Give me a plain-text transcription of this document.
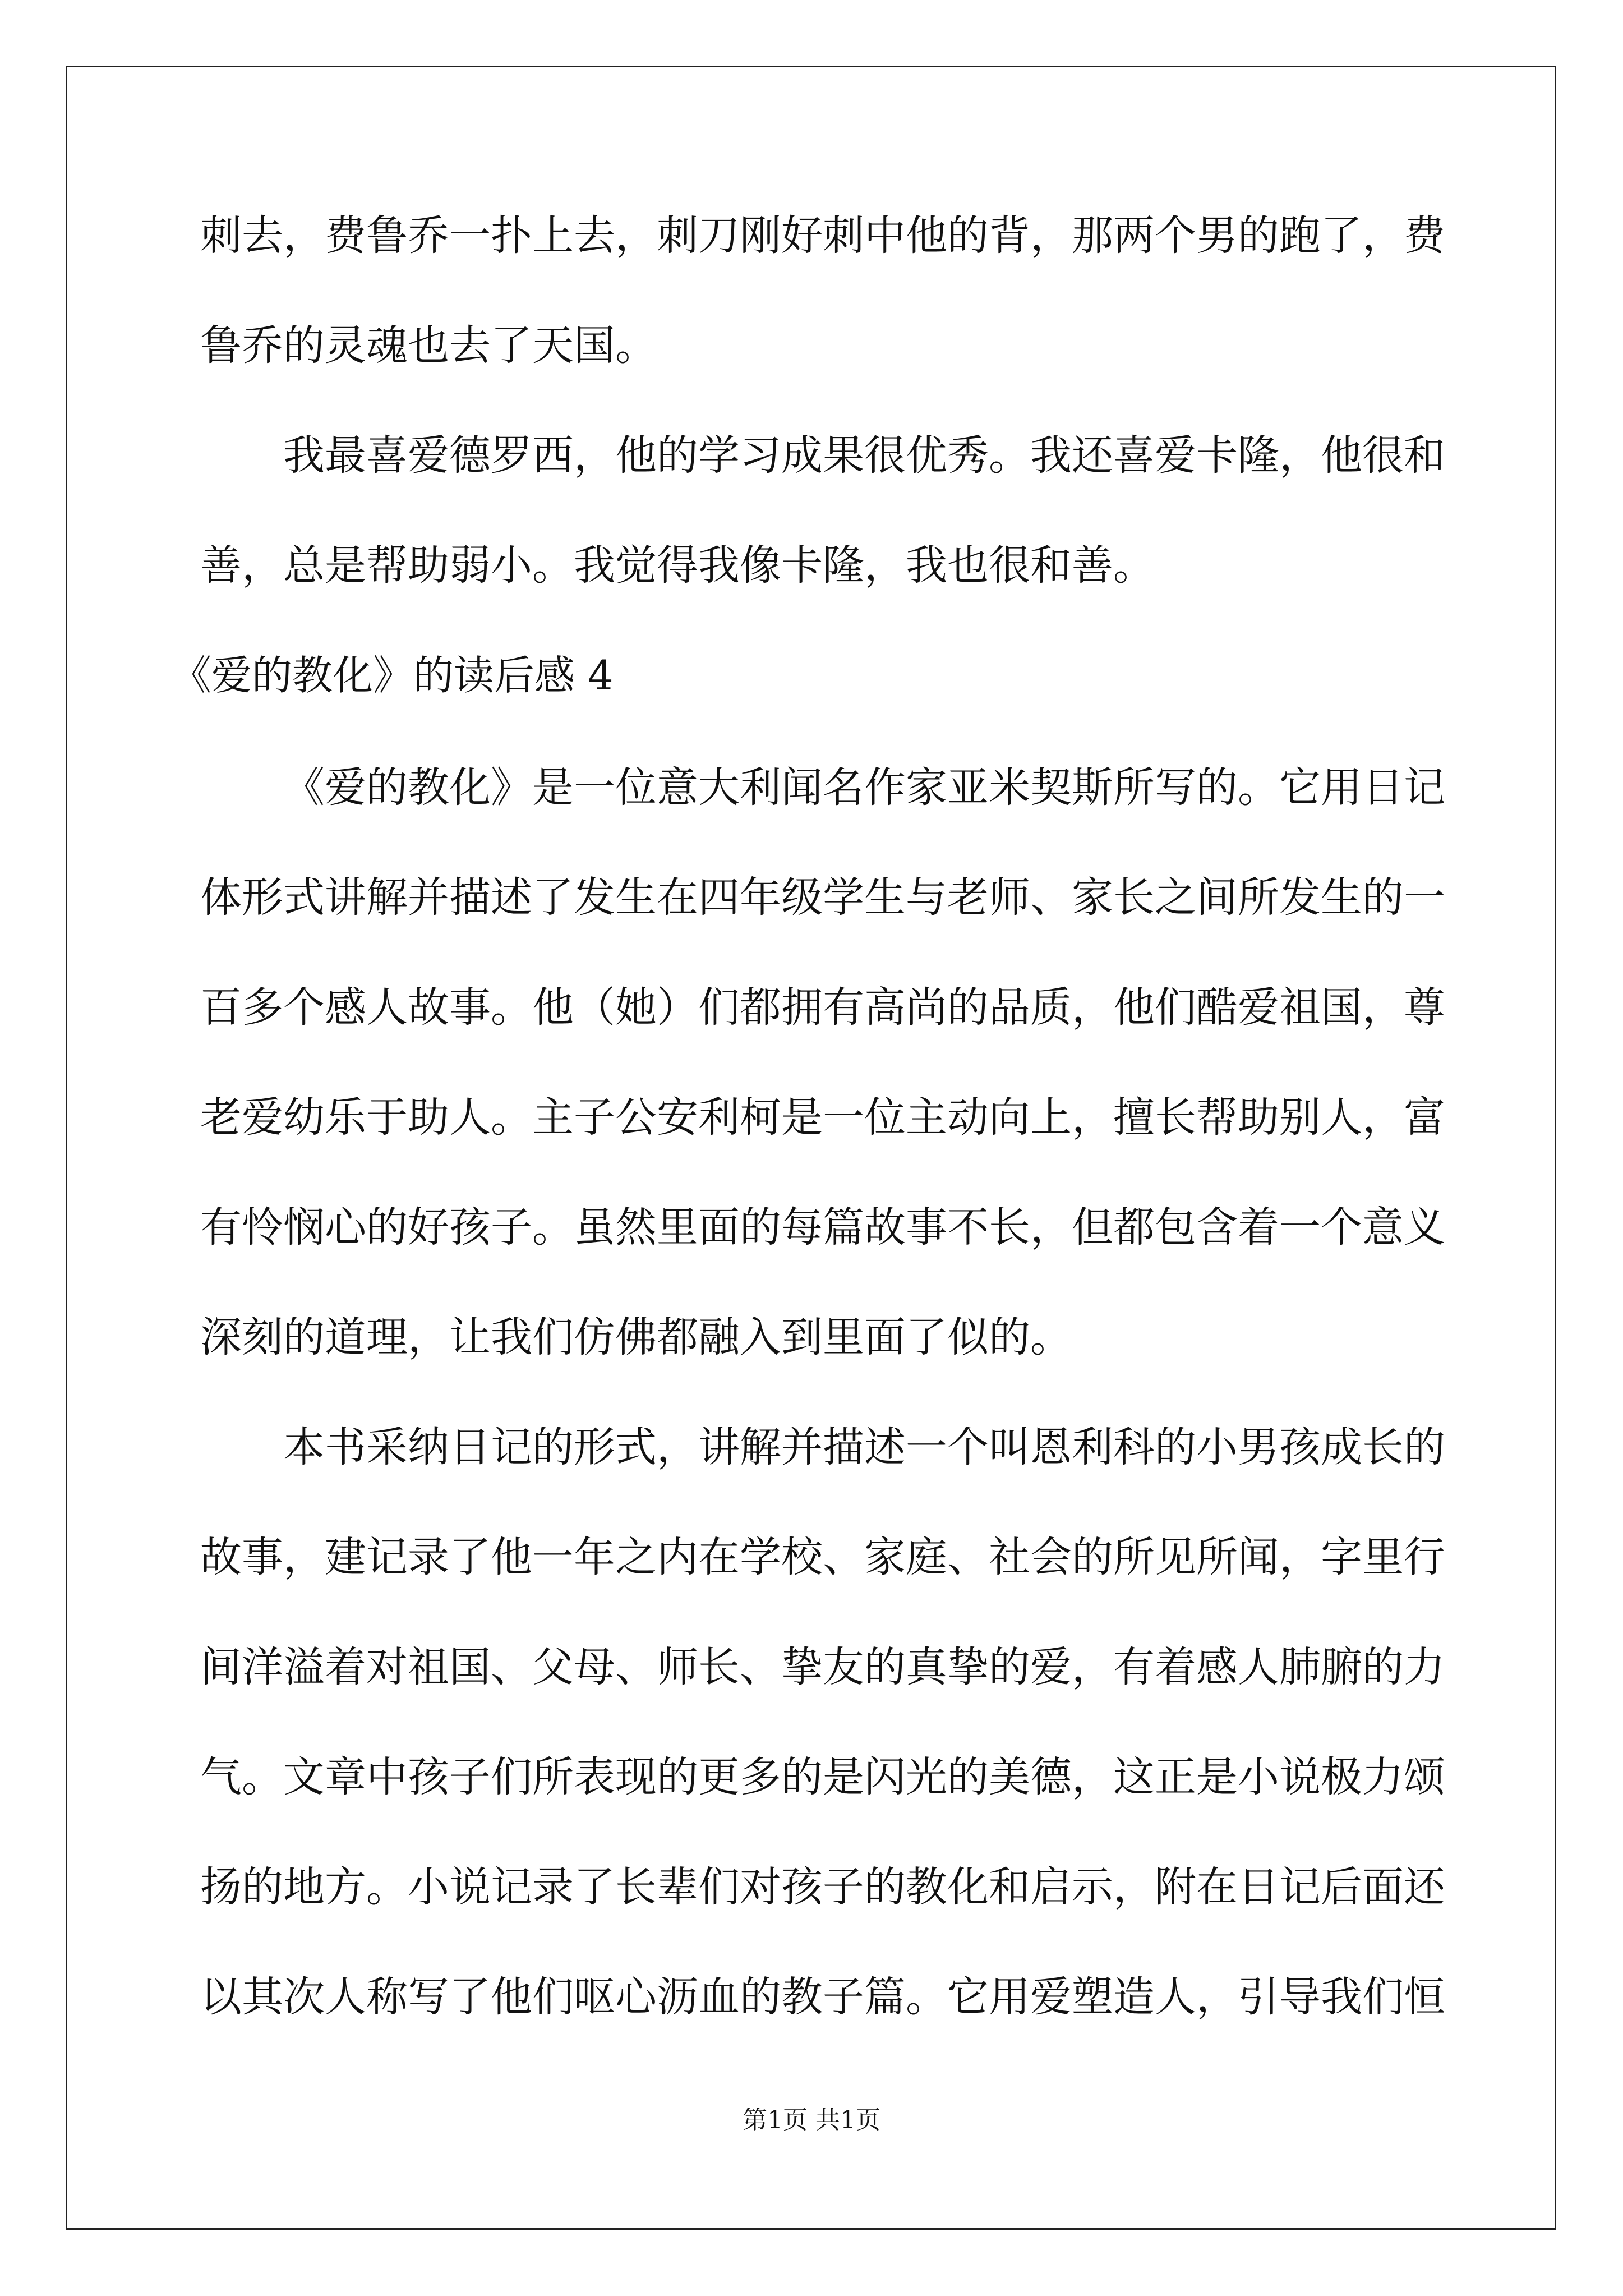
刺去，费鲁乔一扑上去，刺刀刚好刺中他的背，那两个男的跑了，费
鲁乔的灵魂也去了天国。
我最喜爱德罗西，他的学习成果很优秀。我还喜爱卡隆，他很和
善，总是帮助弱小。我觉得我像卡隆，我也很和善。
《爱的教化》的读后感 4
《爱的教化》是一位意大利闻名作家亚米契斯所写的。它用日记
体形式讲解并描述了发生在四年级学生与老师、家长之间所发生的一
百多个感人故事。他（她）们都拥有高尚的品质，他们酷爱祖国，尊
老爱幼乐于助人。主子公安利柯是一位主动向上，擅长帮助别人，富
有怜悯心的好孩子。虽然里面的每篇故事不长，但都包含着一个意义
深刻的道理，让我们仿佛都融入到里面了似的。
本书采纳日记的形式，讲解并描述一个叫恩利科的小男孩成长的
故事，建记录了他一年之内在学校、家庭、社会的所见所闻，字里行
间洋溢着对祖国、父母、师长、挚友的真挚的爱，有着感人肺腑的力
气。文章中孩子们所表现的更多的是闪光的美德，这正是小说极力颂
扬的地方。小说记录了长辈们对孩子的教化和启示，附在日记后面还
以其次人称写了他们呕心沥血的教子篇。它用爱塑造人，引导我们恒
第1页 共1页
